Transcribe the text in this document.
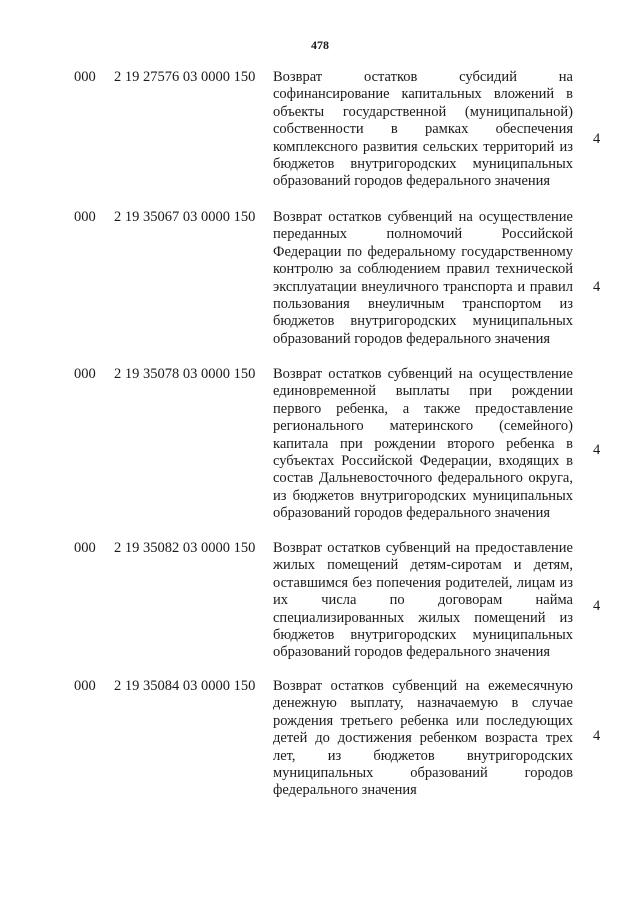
478
000 2 19 27576 03 0000 150 Возврат остатков субсидий на софинансирование капитальных вложений в объекты государственной (муниципальной) собственности в рамках обеспечения комплексного развития сельских территорий из бюджетов внутригородских муниципальных образований городов федерального значения
4
000 2 19 35067 03 0000 150 Возврат остатков субвенций на осуществление переданных полномочий Российской Федерации по федеральному государственному контролю за соблюдением правил технической эксплуатации внеуличного транспорта и правил пользования внеуличным транспортом из бюджетов внутригородских муниципальных образований городов федерального значения
4
000 2 19 35078 03 0000 150 Возврат остатков субвенций на осуществление единовременной выплаты при рождении первого ребенка, а также предоставление регионального материнского (семейного) капитала при рождении второго ребенка в субъектах Российской Федерации, входящих в состав Дальневосточного федерального округа, из бюджетов внутригородских муниципальных образований городов федерального значения
4
000 2 19 35082 03 0000 150 Возврат остатков субвенций на предоставление жилых помещений детям-сиротам и детям, оставшимся без попечения родителей, лицам из их числа по договорам найма специализированных жилых помещений из бюджетов внутригородских муниципальных образований городов федерального значения
4
000 2 19 35084 03 0000 150 Возврат остатков субвенций на ежемесячную денежную выплату, назначаемую в случае рождения третьего ребенка или последующих детей до достижения ребенком возраста трех лет, из бюджетов внутригородских муниципальных образований городов федерального значения
4
